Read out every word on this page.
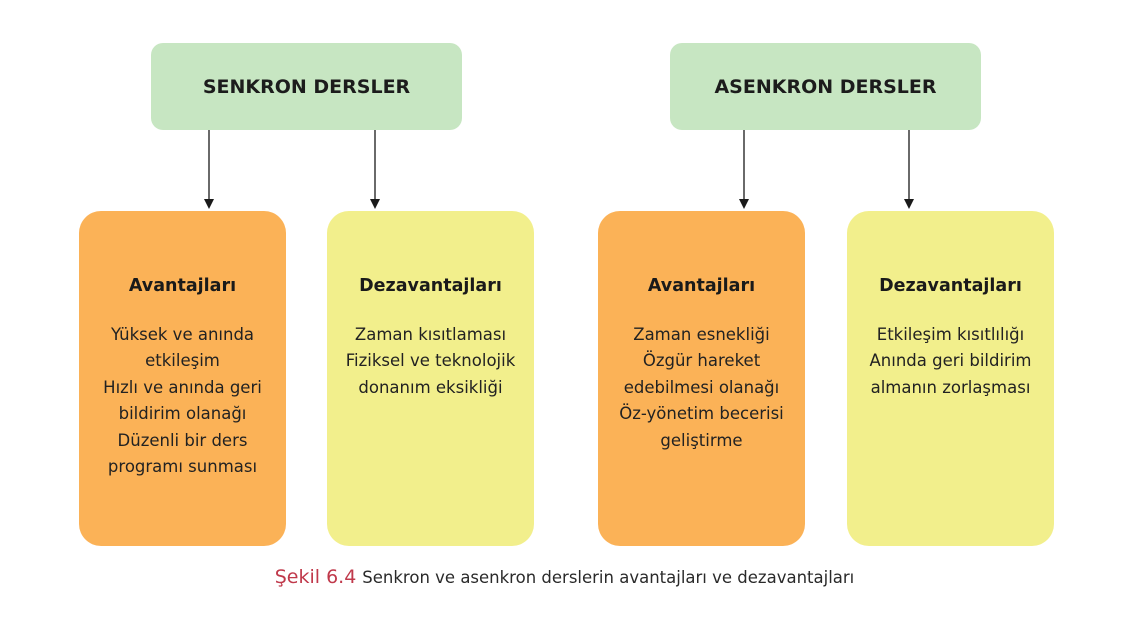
SENKRON DERSLER	ASENKRON DERSLER
Avantajları
Yüksek ve anında
etkileşim
Hızlı ve anında geri
bildirim olanağı
Düzenli bir ders
programı sunması
Dezavantajları
Zaman kısıtlaması
Fiziksel ve teknolojik
donanım eksikliği
Avantajları
Zaman esnekliği
Özgür hareket
edebilmesi olanağı
Öz-yönetim becerisi
geliştirme
Dezavantajları
Etkileşim kısıtlılığı
Anında geri bildirim
almanın zorlaşması
Şekil 6.4 Senkron ve asenkron derslerin avantajları ve dezavantajları
